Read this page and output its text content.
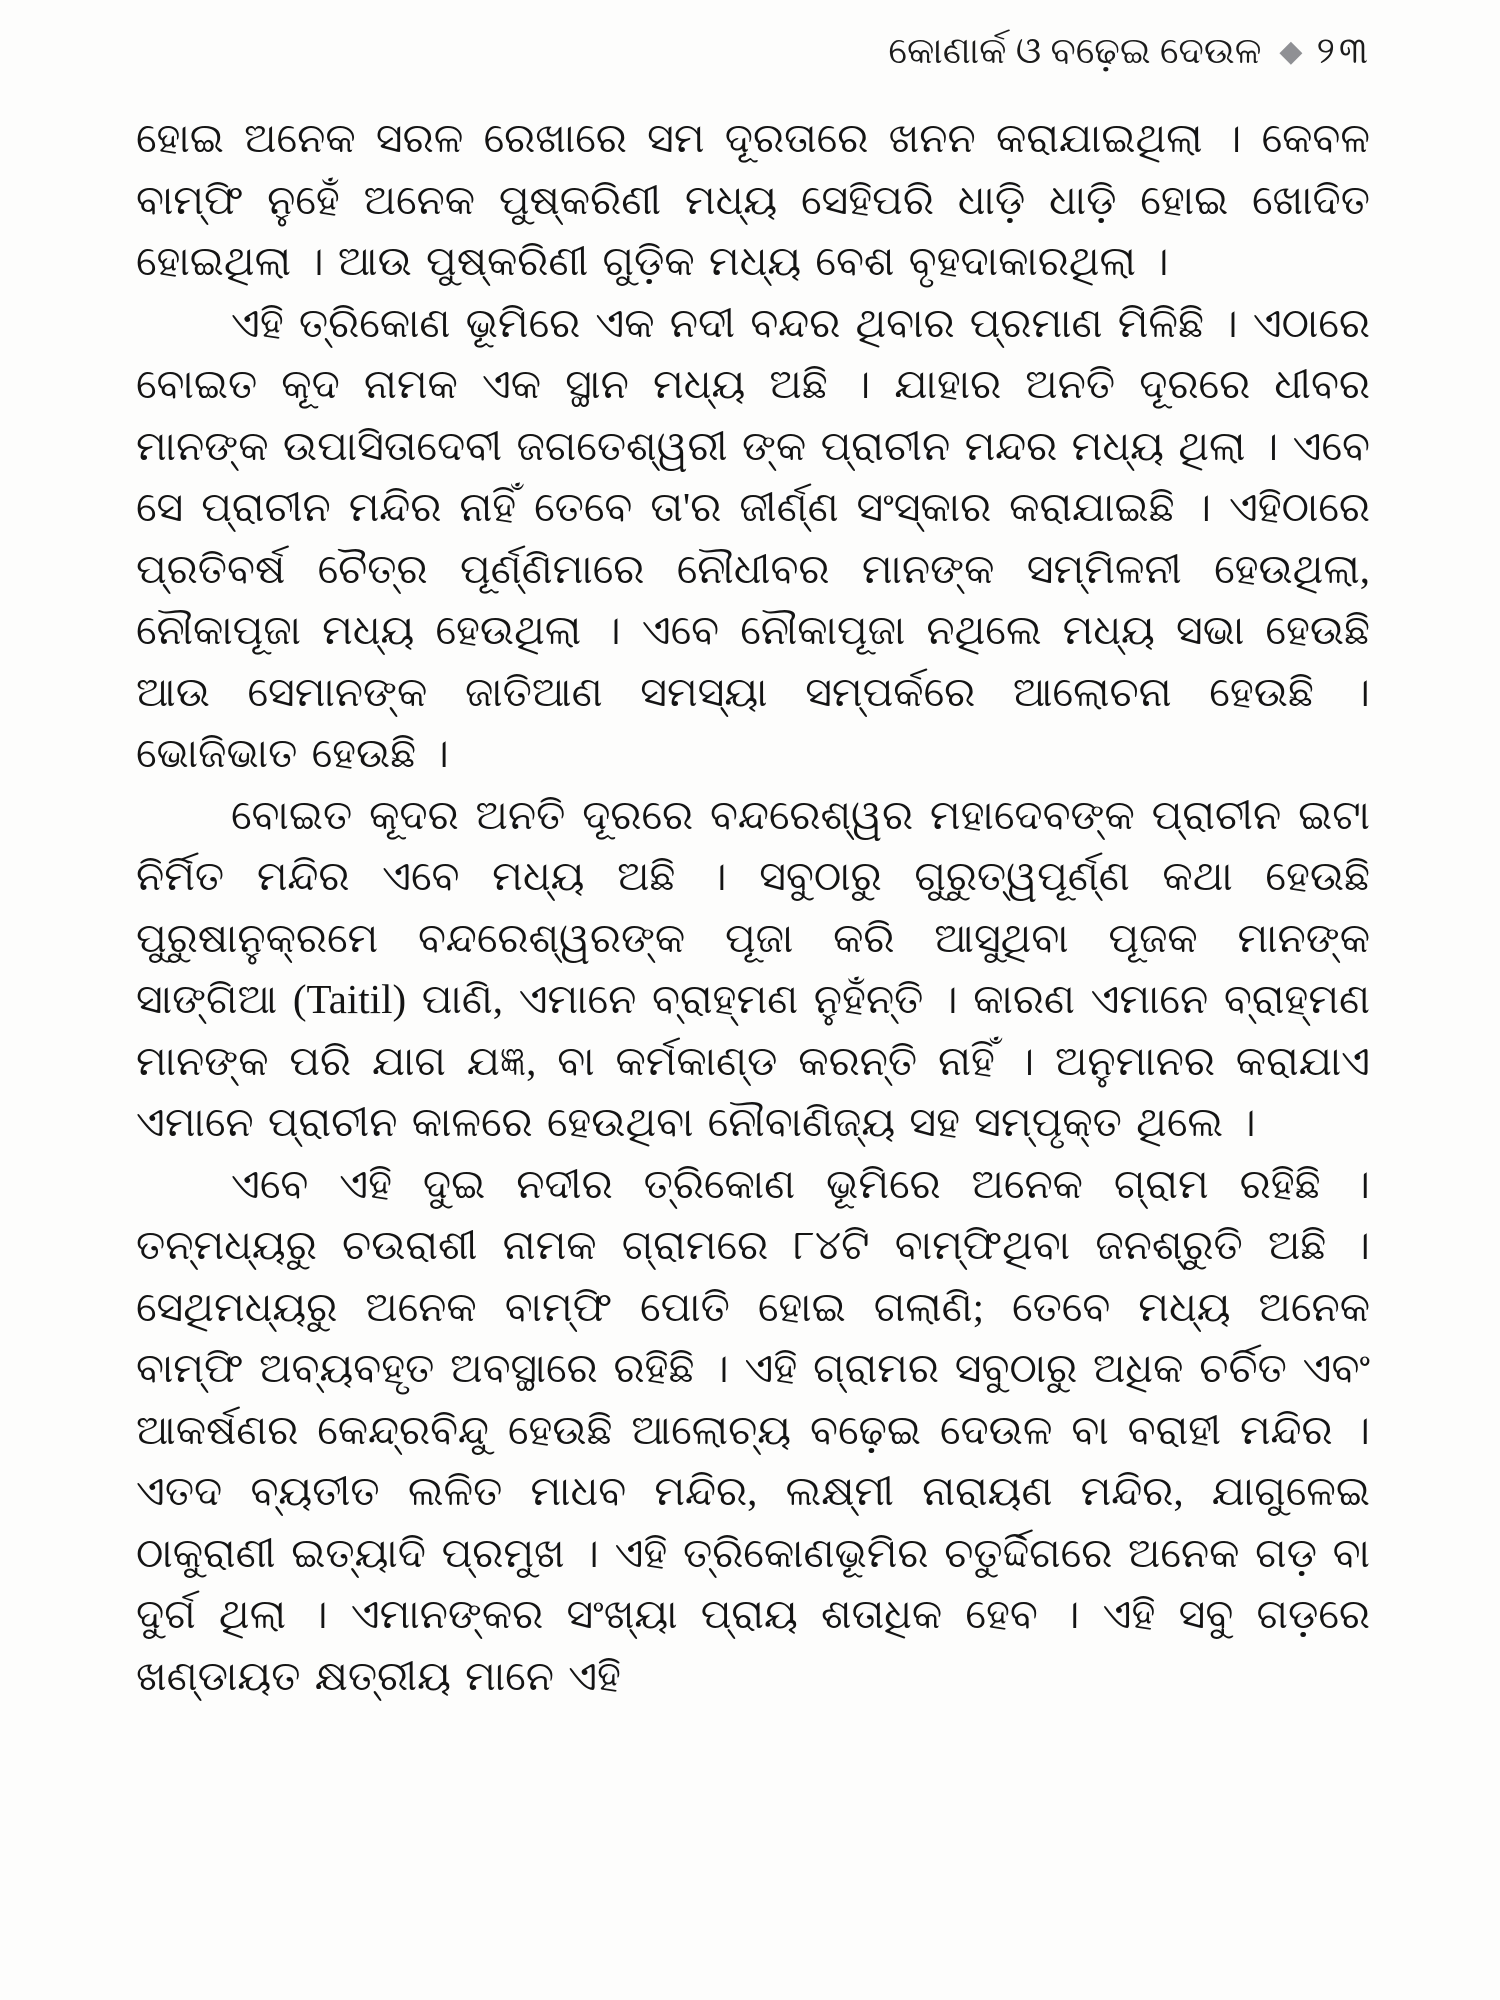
କୋଣାର୍କ ଓ ବଢ଼େଇ ଦେଉଳ ◆ ୨୩

ହୋଇ ଅନେକ ସରଳ ରେଖାରେ ସମ ଦୂରତାରେ ଖନନ କରାଯାଇଥିଲା । କେବଳ ବାମ୍ଫି ନୁହେଁ ଅନେକ ପୁଷ୍କରିଣୀ ମଧ୍ୟ ସେହିପରି ଧାଡ଼ି ଧାଡ଼ି ହୋଇ ଖୋଦିତ ହୋଇଥିଲା । ଆଉ ପୁଷ୍କରିଣୀ ଗୁଡ଼ିକ ମଧ୍ୟ ବେଶ ବୃହଦାକାରଥିଲା ।

ଏହି ତ୍ରିକୋଣ ଭୂମିରେ ଏକ ନଦୀ ବନ୍ଦର ଥିବାର ପ୍ରମାଣ ମିଳିଛି । ଏଠାରେ ବୋଇତ କୂଦ ନାମକ ଏକ ସ୍ଥାନ ମଧ୍ୟ ଅଛି । ଯାହାର ଅନତି ଦୂରରେ ଧୀବର ମାନଙ୍କ ଉପାସିତାଦେବୀ ଜଗତେଶ୍ୱରୀ ଙ୍କ ପ୍ରାଚୀନ ମନ୍ଦର ମଧ୍ୟ ଥିଲା । ଏବେ ସେ ପ୍ରାଚୀନ ମନ୍ଦିର ନାହିଁ ତେବେ ତା'ର ଜୀର୍ଣ୍ଣ ସଂସ୍କାର କରାଯାଇଛି । ଏହିଠାରେ ପ୍ରତିବର୍ଷ ଚୈତ୍ର ପୂର୍ଣ୍ଣିମାରେ ନୌଧୀବର ମାନଙ୍କ ସମ୍ମିଳନୀ ହେଉଥିଲା, ନୌକାପୂଜା ମଧ୍ୟ ହେଉଥିଲା । ଏବେ ନୌକାପୂଜା ନଥିଲେ ମଧ୍ୟ ସଭା ହେଉଛି ଆଉ ସେମାନଙ୍କ ଜାତିଆଣ ସମସ୍ୟା ସମ୍ପର୍କରେ ଆଲୋଚନା ହେଉଛି । ଭୋଜିଭାତ ହେଉଛି ।

ବୋଇତ କୂଦର ଅନତି ଦୂରରେ ବନ୍ଦରେଶ୍ୱର ମହାଦେବଙ୍କ ପ୍ରାଚୀନ ଇଟା ନିର୍ମିତ ମନ୍ଦିର ଏବେ ମଧ୍ୟ ଅଛି । ସବୁଠାରୁ ଗୁରୁତ୍ୱପୂର୍ଣ୍ଣ କଥା ହେଉଛି ପୁରୁଷାନୁକ୍ରମେ ବନ୍ଦରେଶ୍ୱରଙ୍କ ପୂଜା କରି ଆସୁଥିବା ପୂଜକ ମାନଙ୍କ ସାଙ୍ଗିଆ (Taitil) ପାଣି, ଏମାନେ ବ୍ରାହ୍ମଣ ନୁହଁନ୍ତି । କାରଣ ଏମାନେ ବ୍ରାହ୍ମଣ ମାନଙ୍କ ପରି ଯାଗ ଯଜ୍ଞ, ବା କର୍ମକାଣ୍ଡ କରନ୍ତି ନାହିଁ । ଅନୁମାନର କରାଯାଏ ଏମାନେ ପ୍ରାଚୀନ କାଳରେ ହେଉଥିବା ନୌବାଣିଜ୍ୟ ସହ ସମ୍ପୃକ୍ତ ଥିଲେ ।

ଏବେ ଏହି ଦୁଇ ନଦୀର ତ୍ରିକୋଣ ଭୂମିରେ ଅନେକ ଗ୍ରାମ ରହିଛି । ତନ୍ମଧ୍ୟରୁ ଚଉରାଶୀ ନାମକ ଗ୍ରାମରେ ୮୪ଟି ବାମ୍ଫିଥିବା ଜନଶ୍ରୁତି ଅଛି । ସେଥିମଧ୍ୟରୁ ଅନେକ ବାମ୍ଫି ପୋତି ହୋଇ ଗଲାଣି; ତେବେ ମଧ୍ୟ ଅନେକ ବାମ୍ଫି ଅବ୍ୟବହୃତ ଅବସ୍ଥାରେ ରହିଛି । ଏହି ଗ୍ରାମର ସବୁଠାରୁ ଅଧିକ ଚର୍ଚିତ ଏବଂ ଆକର୍ଷଣର କେନ୍ଦ୍ରବିନ୍ଦୁ ହେଉଛି ଆଲୋଚ୍ୟ ବଢ଼େଇ ଦେଉଳ ବା ବରାହୀ ମନ୍ଦିର । ଏତଦ ବ୍ୟତୀତ ଲଳିତ ମାଧବ ମନ୍ଦିର, ଲକ୍ଷ୍ମୀ ନାରାୟଣ ମନ୍ଦିର, ଯାଗୁଳେଇ ଠାକୁରାଣୀ ଇତ୍ୟାଦି ପ୍ରମୁଖ । ଏହି ତ୍ରିକୋଣଭୂମିର ଚତୁର୍ଦ୍ଦିଗରେ ଅନେକ ଗଡ଼ ବା ଦୁର୍ଗ ଥିଲା । ଏମାନଙ୍କର ସଂଖ୍ୟା ପ୍ରାୟ ଶତାଧିକ ହେବ । ଏହି ସବୁ ଗଡ଼ରେ ଖଣ୍ଡାୟତ କ୍ଷତ୍ରୀୟ ମାନେ ଏହି
